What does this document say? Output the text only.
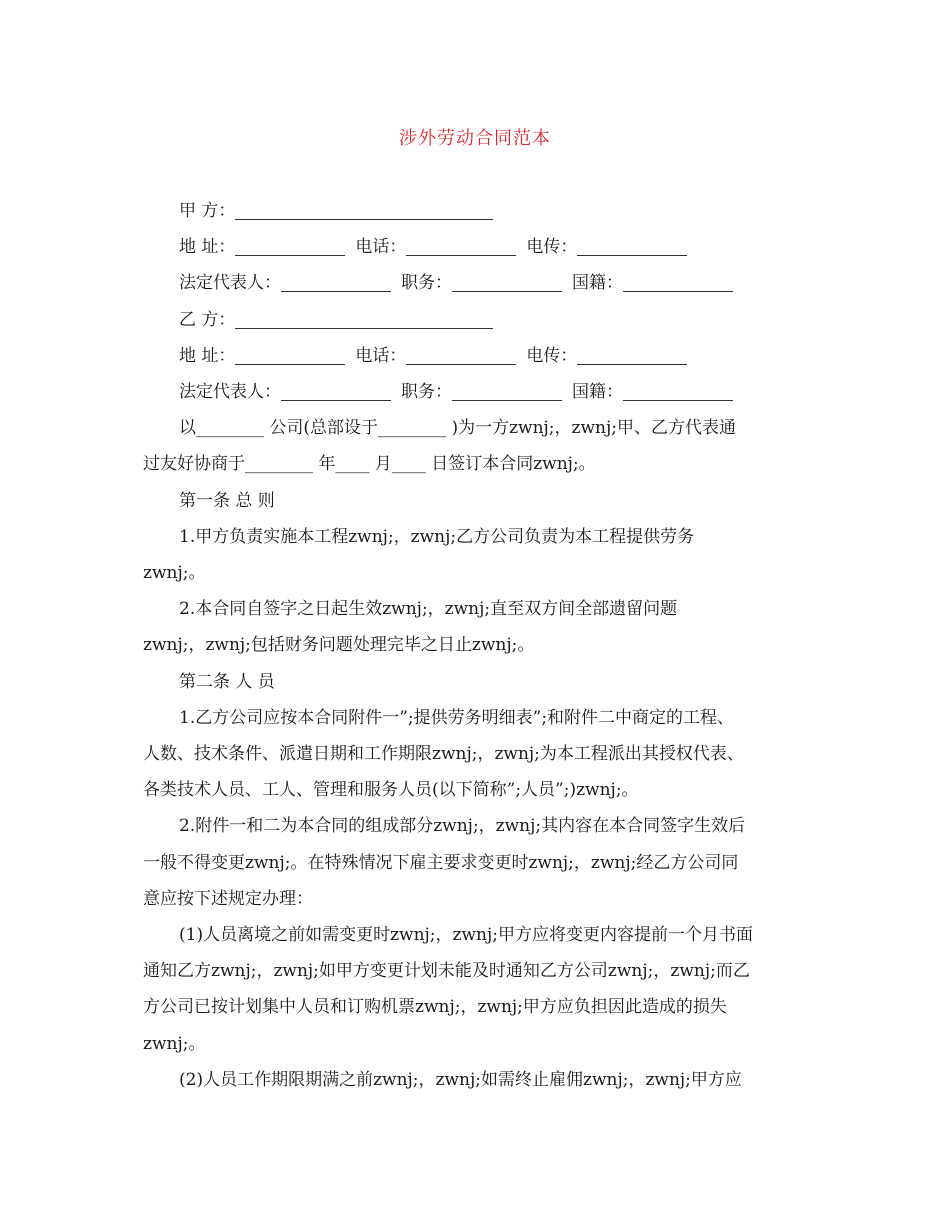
涉外劳动合同范本
甲 方：
地 址：	电话：	电传：
法定代表人：	职务：	国籍：
乙 方：
地 址：	电话：	电传：
法定代表人：	职务：	国籍：
以________ 公司(总部设于________ )为一方zwnj;，zwnj;甲、乙方代表通
过友好协商于________ 年____ 月____ 日签订本合同zwnj;。
第一条 总 则
1.甲方负责实施本工程zwnj;，zwnj;乙方公司负责为本工程提供劳务
zwnj;。
2.本合同自签字之日起生效zwnj;，zwnj;直至双方间全部遗留问题
zwnj;，zwnj;包括财务问题处理完毕之日止zwnj;。
第二条 人 员
1.乙方公司应按本合同附件一”;提供劳务明细表”;和附件二中商定的工程、
人数、技术条件、派遣日期和工作期限zwnj;，zwnj;为本工程派出其授权代表、
各类技术人员、工人、管理和服务人员(以下简称”;人员”;)zwnj;。
2.附件一和二为本合同的组成部分zwnj;，zwnj;其内容在本合同签字生效后
一般不得变更zwnj;。在特殊情况下雇主要求变更时zwnj;，zwnj;经乙方公司同
意应按下述规定办理：
(1)人员离境之前如需变更时zwnj;，zwnj;甲方应将变更内容提前一个月书面
通知乙方zwnj;，zwnj;如甲方变更计划未能及时通知乙方公司zwnj;，zwnj;而乙
方公司已按计划集中人员和订购机票zwnj;，zwnj;甲方应负担因此造成的损失
zwnj;。
(2)人员工作期限期满之前zwnj;，zwnj;如需终止雇佣zwnj;，zwnj;甲方应
